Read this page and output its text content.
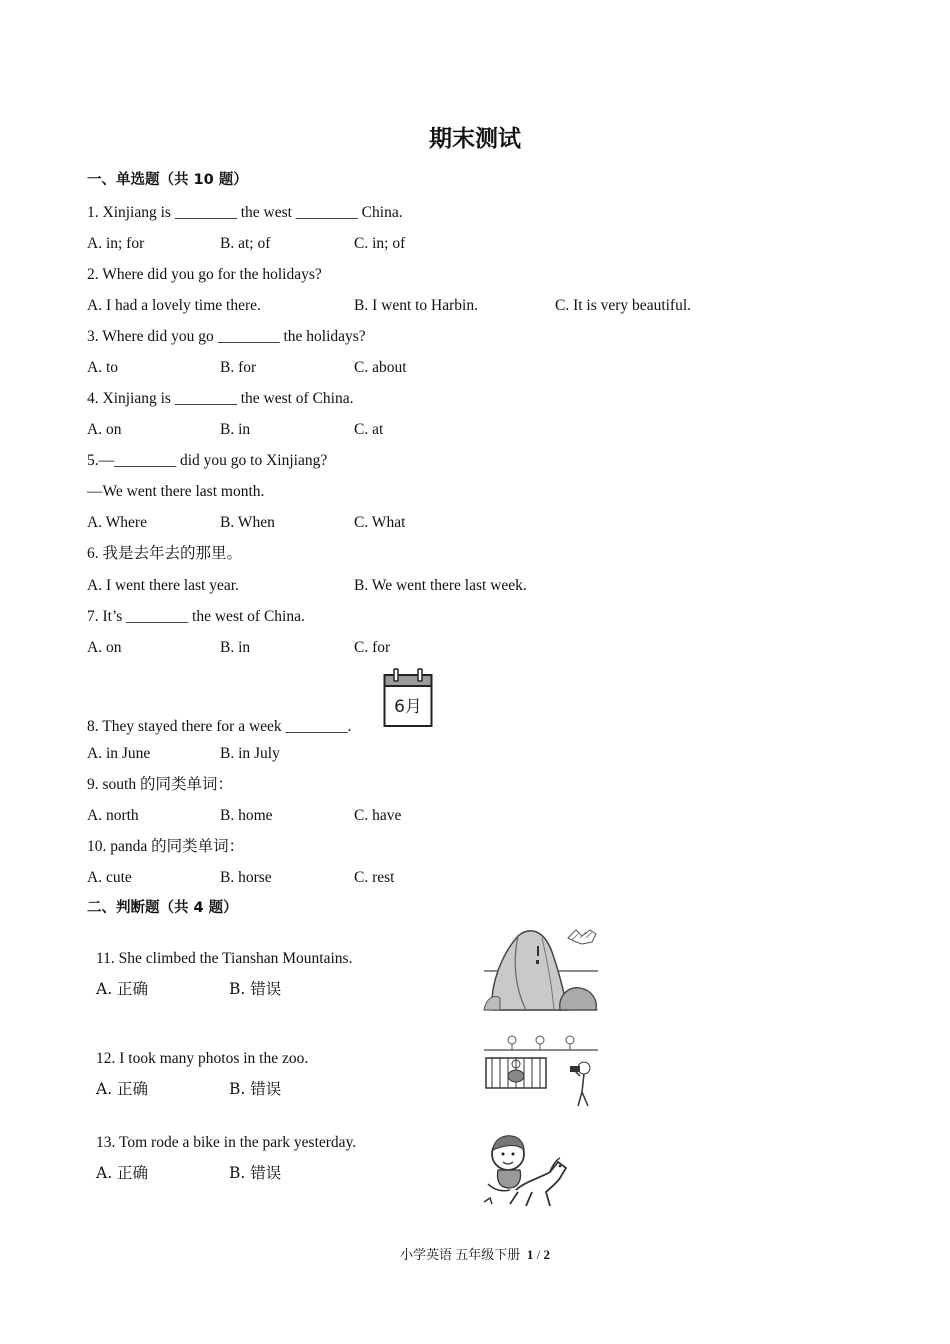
期末测试
一、单选题（共 10 题）
1. Xinjiang is ________ the west ________ China.
A. in; for	B. at; of	C. in; of
2. Where did you go for the holidays?
A. I had a lovely time there.	B. I went to Harbin.	C. It is very beautiful.
3. Where did you go ________ the holidays?
A. to	B. for	C. about
4. Xinjiang is ________ the west of China.
A. on	B. in	C. at
5.—________ did you go to Xinjiang?
—We went there last month.
A. Where	B. When	C. What
6. 我是去年去的那里。
A. I went there last year.	B. We went there last week.
7. It’s ________ the west of China.
A. on	B. in	C. for
8. They stayed there for a week ________.
6月
A. in June	B. in July
9. south 的同类单词：
A. north	B. home	C. have
10. panda 的同类单词：
A. cute	B. horse	C. rest
二、判断题（共 4 题）
11. She climbed the Tianshan Mountains.
A. 正确	B. 错误
12. I took many photos in the zoo.
A. 正确	B. 错误
13. Tom rode a bike in the park yesterday.
A. 正确	B. 错误
小学英语 五年级下册 1 / 2
